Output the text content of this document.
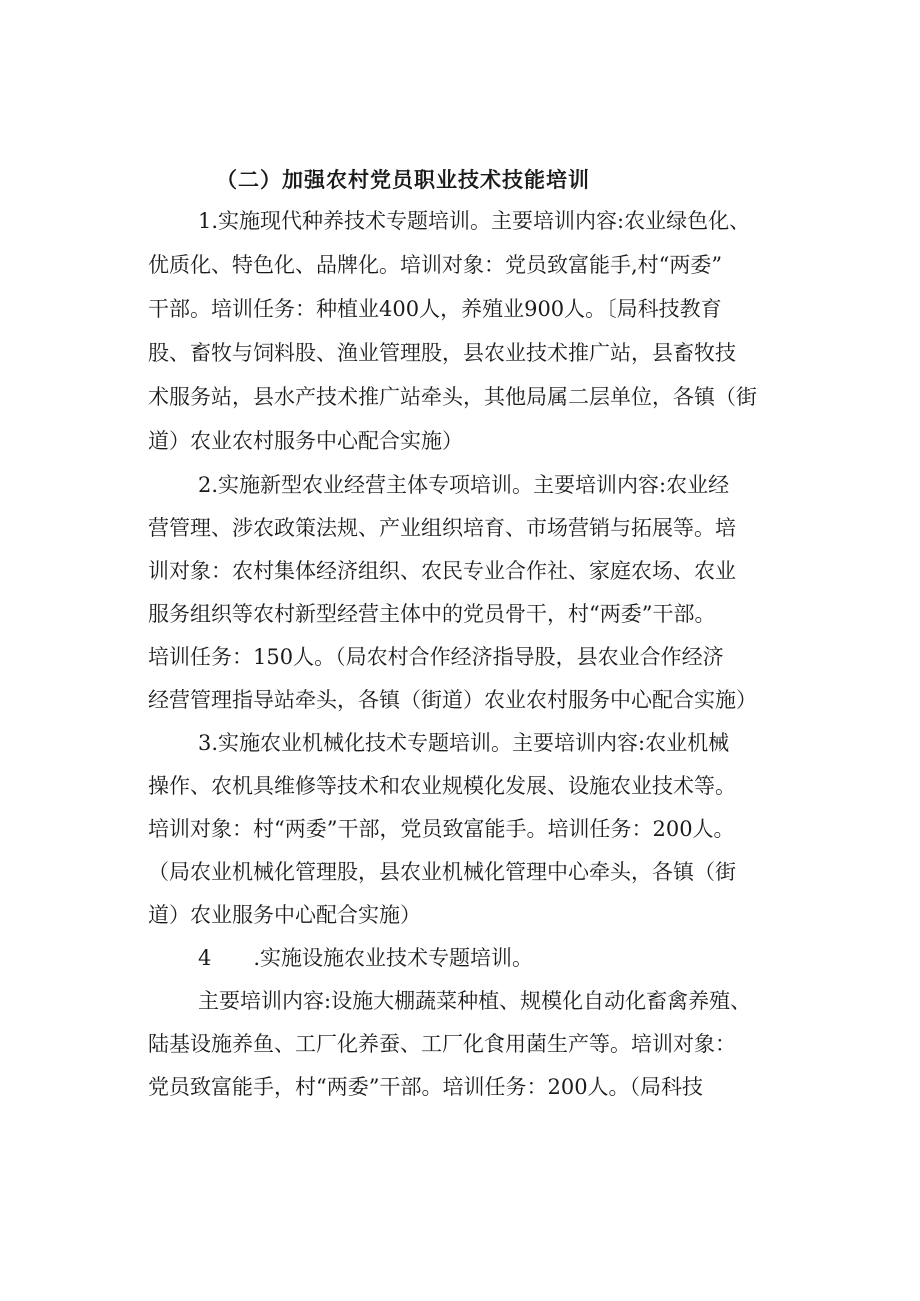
（二）加强农村党员职业技术技能培训
1.实施现代种养技术专题培训。主要培训内容:农业绿色化、
优质化、特色化、品牌化。培训对象：党员致富能手,村“两委”
干部。培训任务：种植业400人，养殖业900人。〔局科技教育
股、畜牧与饲料股、渔业管理股，县农业技术推广站，县畜牧技
术服务站，县水产技术推广站牵头，其他局属二层单位，各镇（街
道）农业农村服务中心配合实施）
2.实施新型农业经营主体专项培训。主要培训内容:农业经
营管理、涉农政策法规、产业组织培育、市场营销与拓展等。培
训对象：农村集体经济组织、农民专业合作社、家庭农场、农业
服务组织等农村新型经营主体中的党员骨干，村“两委”干部。
培训任务：150人。（局农村合作经济指导股，县农业合作经济
经营管理指导站牵头，各镇（街道）农业农村服务中心配合实施）
3.实施农业机械化技术专题培训。主要培训内容:农业机械
操作、农机具维修等技术和农业规模化发展、设施农业技术等。
培训对象：村“两委”干部，党员致富能手。培训任务：200人。
（局农业机械化管理股，县农业机械化管理中心牵头，各镇（街
道）农业服务中心配合实施）
4　　.实施设施农业技术专题培训。
主要培训内容:设施大棚蔬菜种植、规模化自动化畜禽养殖、
陆基设施养鱼、工厂化养蚕、工厂化食用菌生产等。培训对象：
党员致富能手，村“两委”干部。培训任务：200人。（局科技
